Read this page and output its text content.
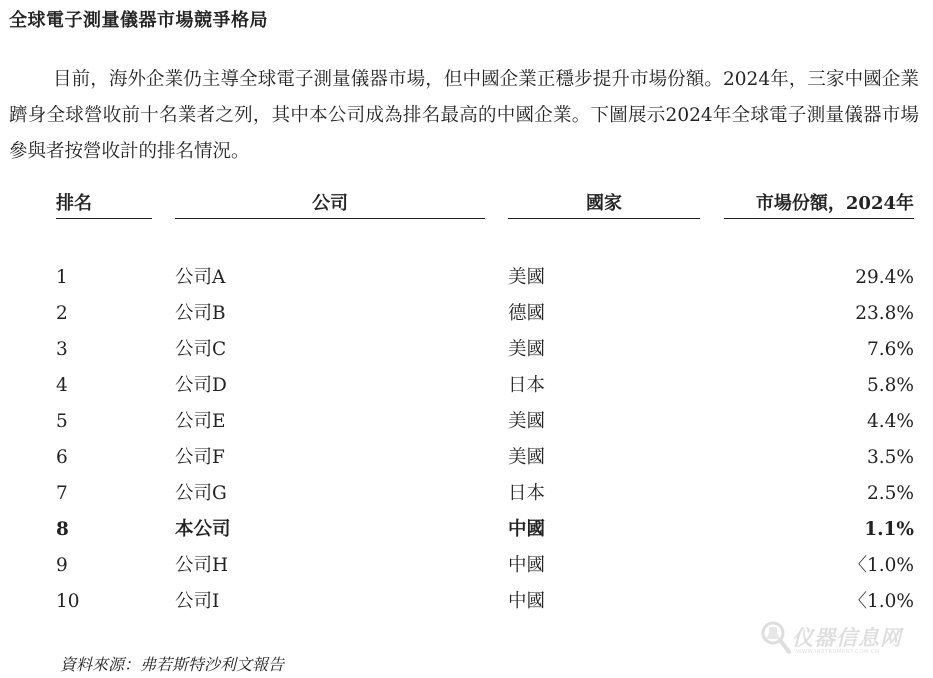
全球電子測量儀器市場競爭格局

目前，海外企業仍主導全球電子測量儀器市場，但中國企業正穩步提升市場份額。2024年，三家中國企業躋身全球營收前十名業者之列，其中本公司成為排名最高的中國企業。下圖展示2024年全球電子測量儀器市場參與者按營收計的排名情況。

排名	公司	國家	市場份額，2024年
1	公司A	美國	29.4%
2	公司B	德國	23.8%
3	公司C	美國	7.6%
4	公司D	日本	5.8%
5	公司E	美國	4.4%
6	公司F	美國	3.5%
7	公司G	日本	2.5%
8	本公司	中國	1.1%
9	公司H	中國	〈1.0%
10	公司I	中國	〈1.0%
資料來源：弗若斯特沙利文報告
仪器信息网
WWW.INSTRUMENT.COM.CN
